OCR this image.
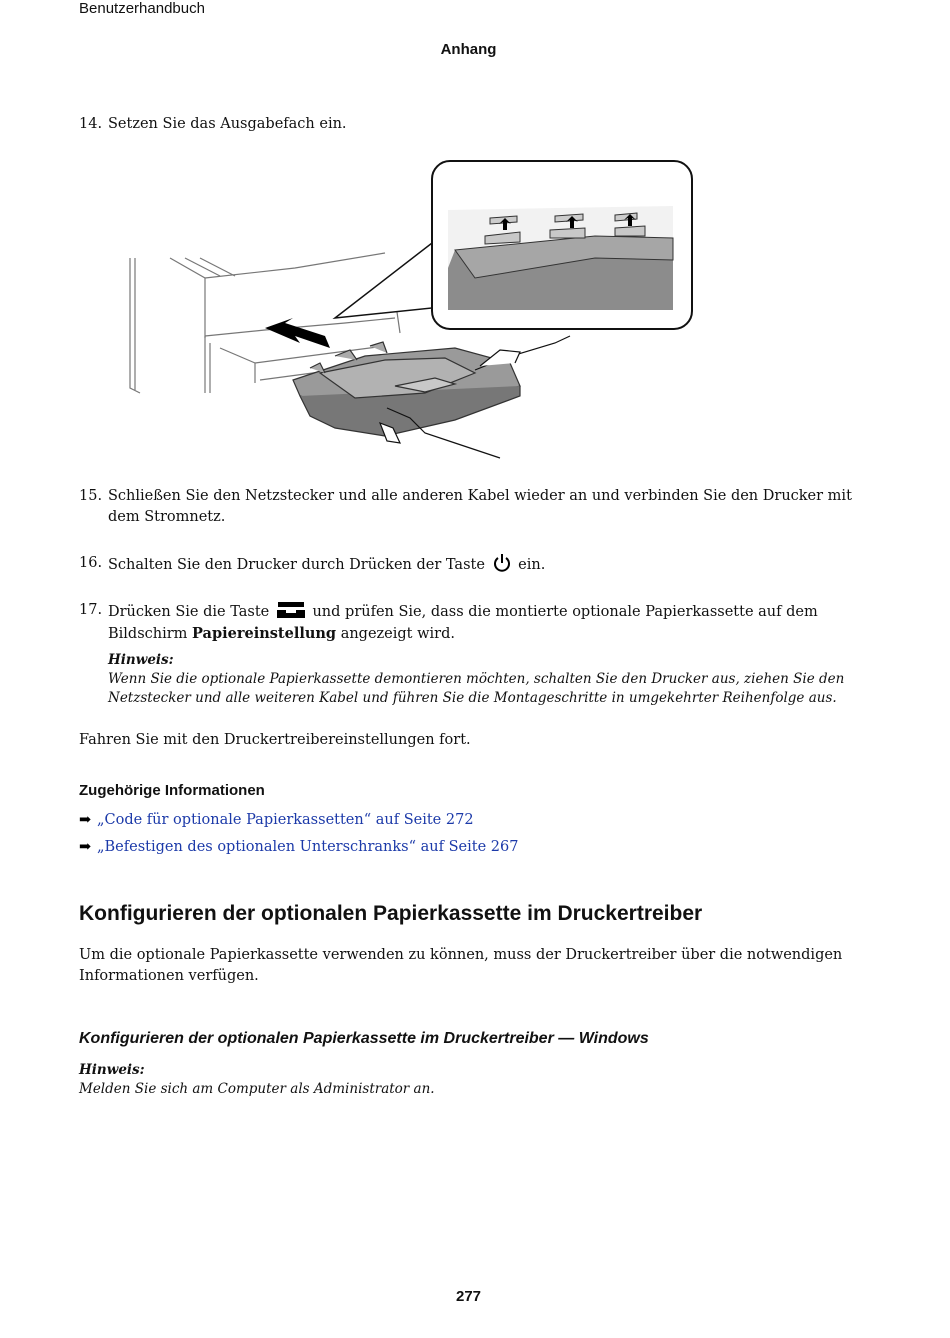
Benutzerhandbuch
Anhang
14. Setzen Sie das Ausgabefach ein.
15. Schließen Sie den Netzstecker und alle anderen Kabel wieder an und verbinden Sie den Drucker mit dem Stromnetz.
16. Schalten Sie den Drucker durch Drücken der Taste ein.
17. Drücken Sie die Taste	und prüfen Sie, dass die montierte optionale Papierkassette auf dem Bildschirm Papiereinstellung angezeigt wird.
Hinweis:
Wenn Sie die optionale Papierkassette demontieren möchten, schalten Sie den Drucker aus, ziehen Sie den Netzstecker und alle weiteren Kabel und führen Sie die Montageschritte in umgekehrter Reihenfolge aus.
Fahren Sie mit den Druckertreibereinstellungen fort.
Zugehörige Informationen
➡ „Code für optionale Papierkassetten“ auf Seite 272
➡ „Befestigen des optionalen Unterschranks“ auf Seite 267
Konfigurieren der optionalen Papierkassette im Druckertreiber
Um die optionale Papierkassette verwenden zu können, muss der Druckertreiber über die notwendigen Informationen verfügen.
Konfigurieren der optionalen Papierkassette im Druckertreiber — Windows
Hinweis:
Melden Sie sich am Computer als Administrator an.
277
